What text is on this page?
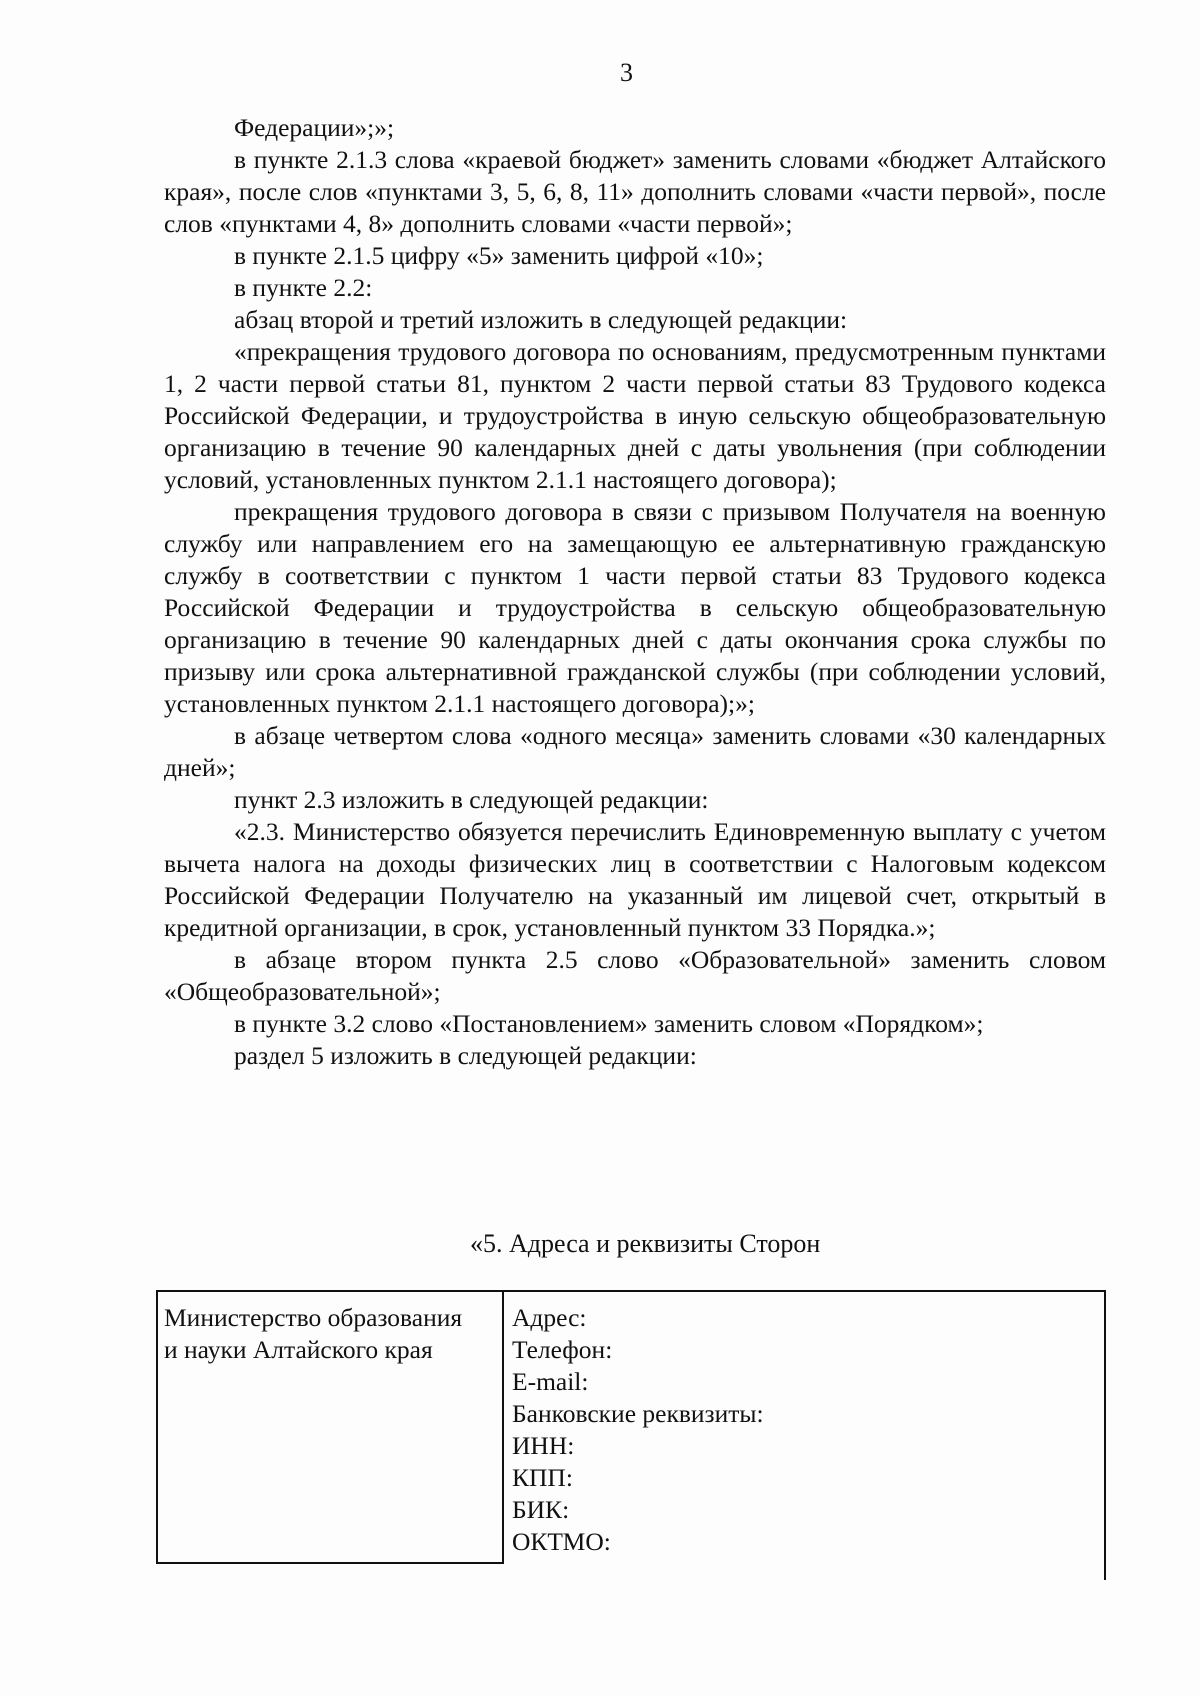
3

Федерации»;»;

в пункте 2.1.3 слова «краевой бюджет» заменить словами «бюджет Алтайского края», после слов «пунктами 3, 5, 6, 8, 11» дополнить словами «части первой», после слов «пунктами 4, 8» дополнить словами «части первой»;

в пункте 2.1.5 цифру «5» заменить цифрой «10»;

в пункте 2.2:

абзац второй и третий изложить в следующей редакции:

«прекращения трудового договора по основаниям, предусмотренным пунктами 1, 2 части первой статьи 81, пунктом 2 части первой статьи 83 Трудового кодекса Российской Федерации, и трудоустройства в иную сельскую общеобразовательную организацию в течение 90 календарных дней с даты увольнения (при соблюдении условий, установленных пунктом 2.1.1 настоящего договора);

прекращения трудового договора в связи с призывом Получателя на военную службу или направлением его на замещающую ее альтернативную гражданскую службу в соответствии с пунктом 1 части первой статьи 83 Трудового кодекса Российской Федерации и трудоустройства в сельскую общеобразовательную организацию в течение 90 календарных дней с даты окончания срока службы по призыву или срока альтернативной гражданской службы (при соблюдении условий, установленных пунктом 2.1.1 настоящего договора);»;

в абзаце четвертом слова «одного месяца» заменить словами «30 календарных дней»;

пункт 2.3 изложить в следующей редакции:

«2.3. Министерство обязуется перечислить Единовременную выплату с учетом вычета налога на доходы физических лиц в соответствии с Налоговым кодексом Российской Федерации Получателю на указанный им лицевой счет, открытый в кредитной организации, в срок, установленный пунктом 33 Порядка.»;

в абзаце втором пункта 2.5 слово «Образовательной» заменить словом «Общеобразовательной»;

в пункте 3.2 слово «Постановлением» заменить словом «Порядком»;

раздел 5 изложить в следующей редакции:

«5. Адреса и реквизиты Сторон
Министерство образования
и науки Алтайского края
Адрес:
Телефон:
E-mail:
Банковские реквизиты:
ИНН:
КПП:
БИК:
ОКТМО:
